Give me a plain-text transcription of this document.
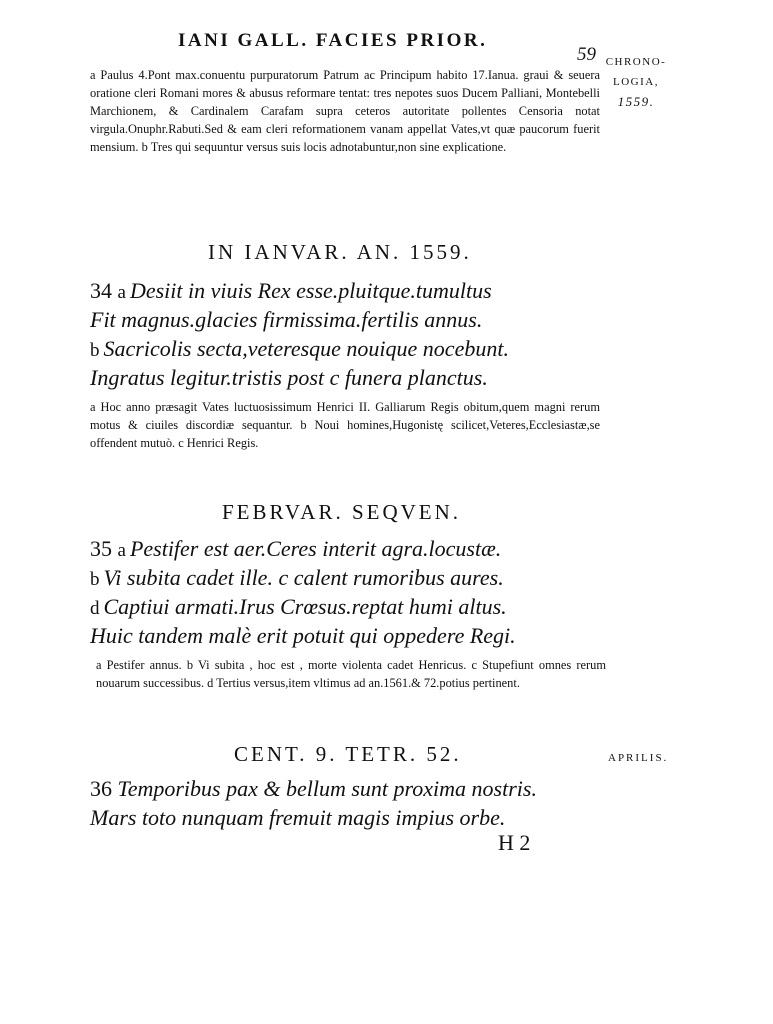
IANI GALL. FACIES PRIOR.
59 CHRONO-
LOGIA,
1559.

a Paulus 4.Pont max.conuentu purpuratorum Patrum ac Principum habito 17.Ianua. graui & seuera oratione cleri Romani mores & abusus reformare tentat: tres nepotes suos Ducem Palliani, Montebelli Marchionem, & Cardinalem Carafam supra ceteros autoritate pollentes Censoria notat virgula.Onuphr.Rabuti.Sed & eam cleri reformationem vanam appellat Vates,vt quæ paucorum fuerit mensium. b Tres qui sequuntur versus suis locis adnotabuntur,non sine explicatione.

IN IANVAR. AN. 1559.
34 a Desiit in viuis Rex esse.pluitque.tumultus
Fit magnus.glacies firmissima.fertilis annus.
b Sacricolis secta,veteresque nouique nocebunt.
Ingratus legitur.tristis post c funera planctus.

a Hoc anno præsagit Vates luctuosissimum Henrici II. Galliarum Regis obitum,quem magni rerum motus & ciuiles discordiæ sequantur. b Noui homines,Hugonistę scilicet,Veteres,Ecclesiastæ,se offendent mutuò. c Henrici Regis.

FEBRVAR. SEQVEN.
35 a Pestifer est aer.Ceres interit agra.locustæ.
b Vi subita cadet ille. c calent rumoribus aures.
d Captiui armati.Irus Crœsus.reptat humi altus.
Huic tandem malè erit potuit qui oppedere Regi.

a Pestifer annus. b Vi subita , hoc est , morte violenta cadet Henricus. c Stupefiunt omnes rerum nouarum successibus. d Tertius versus,item vltimus ad an.1561.& 72.potius pertinent.

CENT. 9. TETR. 52.	APRILIS.
36 Temporibus pax & bellum sunt proxima nostris.
Mars toto nunquam fremuit magis impius orbe.
H 2
